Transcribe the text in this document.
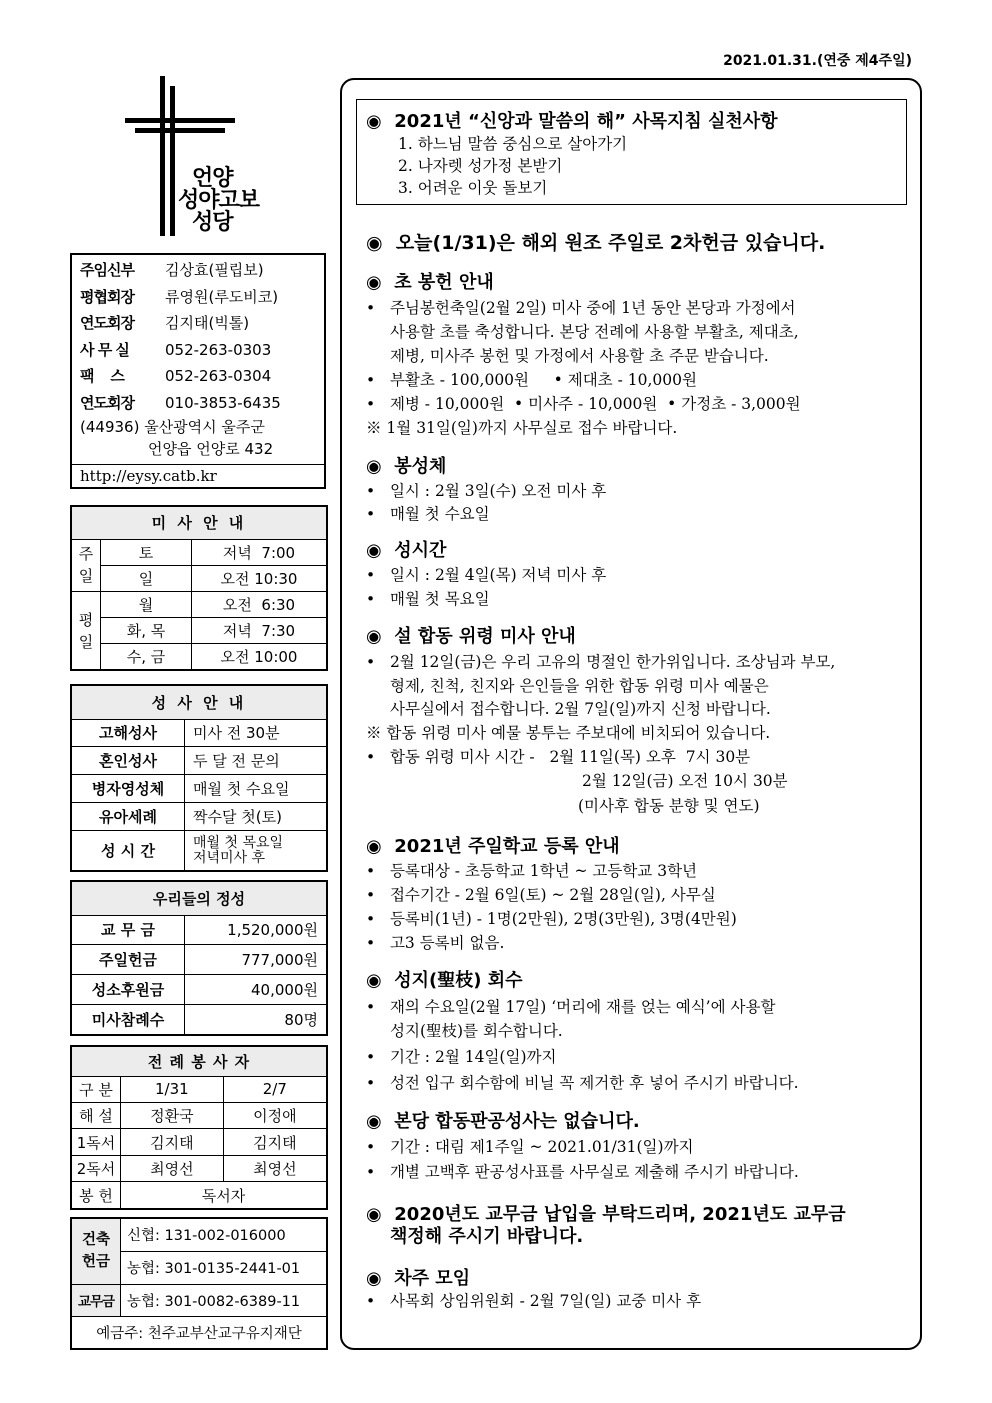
2021.01.31.(연중 제4주일)
언양
성야고보
성당
주임신부	김상효(필립보)
평협회장	류영원(루도비코)
연도회장	김지태(빅톨)
사 무 실	052-263-0303
팩    스	052-263-0304
연도회장	010-3853-6435
(44936) 울산광역시 울주군
언양읍 언양로 432
http://eysy.catb.kr
미 사 안 내		
주일	토	저녁  7:00
	일	오전 10:30
평일	월	오전  6:30
	화, 목	저녁  7:30
	수, 금	오전 10:00
성 사 안 내	
고해성사	미사 전 30분
혼인성사	두 달 전 문의
병자영성체	매월 첫 수요일
유아세례	짝수달 첫(토)
성 시 간	매월 첫 목요일
저녁미사 후
우리들의 정성	
교 무 금	1,520,000원
주일헌금	777,000원
성소후원금	40,000원
미사참례수	80명
전 례 봉 사 자		
구 분	1/31	2/7
해 설	정환국	이정애
1독서	김지태	김지태
2독서	최영선	최영선
봉 헌	독서자	
건축
헌금	신협: 131-002-016000
	농협: 301-0135-2441-01
교무금	농협: 301-0082-6389-11
예금주: 천주교부산교구유지재단	
◉ 2021년 “신앙과 말씀의 해” 사목지침 실천사항
1. 하느님 말씀 중심으로 살아가기
2. 나자렛 성가정 본받기
3. 어려운 이웃 돌보기
◉ 오늘(1/31)은 해외 원조 주일로 2차헌금 있습니다.
◉ 초 봉헌 안내
• 주님봉헌축일(2월 2일) 미사 중에 1년 동안 본당과 가정에서
사용할 초를 축성합니다. 본당 전례에 사용할 부활초, 제대초,
제병, 미사주 봉헌 및 가정에서 사용할 초 주문 받습니다.
• 부활초 - 100,000원     • 제대초 - 10,000원
• 제병 - 10,000원  • 미사주 - 10,000원  • 가정초 - 3,000원
※ 1월 31일(일)까지 사무실로 접수 바랍니다.
◉ 봉성체
• 일시 : 2월 3일(수) 오전 미사 후
• 매월 첫 수요일
◉ 성시간
• 일시 : 2월 4일(목) 저녁 미사 후
• 매월 첫 목요일
◉ 설 합동 위령 미사 안내
• 2월 12일(금)은 우리 고유의 명절인 한가위입니다. 조상님과 부모,
형제, 친척, 친지와 은인들을 위한 합동 위령 미사 예물은
사무실에서 접수합니다. 2월 7일(일)까지 신청 바랍니다.
※ 합동 위령 미사 예물 봉투는 주보대에 비치되어 있습니다.
• 합동 위령 미사 시간 -   2월 11일(목) 오후  7시 30분
2월 12일(금) 오전 10시 30분
(미사후 합동 분향 및 연도)
◉ 2021년 주일학교 등록 안내
• 등록대상 - 초등학교 1학년 ~ 고등학교 3학년
• 접수기간 - 2월 6일(토) ~ 2월 28일(일), 사무실
• 등록비(1년) - 1명(2만원), 2명(3만원), 3명(4만원)
• 고3 등록비 없음.
◉ 성지(聖枝) 회수
• 재의 수요일(2월 17일) ‘머리에 재를 얹는 예식’에 사용할
성지(聖枝)를 회수합니다.
• 기간 : 2월 14일(일)까지
• 성전 입구 회수함에 비닐 꼭 제거한 후 넣어 주시기 바랍니다.
◉ 본당 합동판공성사는 없습니다.
• 기간 : 대림 제1주일 ~ 2021.01/31(일)까지
• 개별 고백후 판공성사표를 사무실로 제출해 주시기 바랍니다.
◉ 2020년도 교무금 납입을 부탁드리며, 2021년도 교무금
책정해 주시기 바랍니다.
◉ 차주 모임
• 사목회 상임위원회 - 2월 7일(일) 교중 미사 후
